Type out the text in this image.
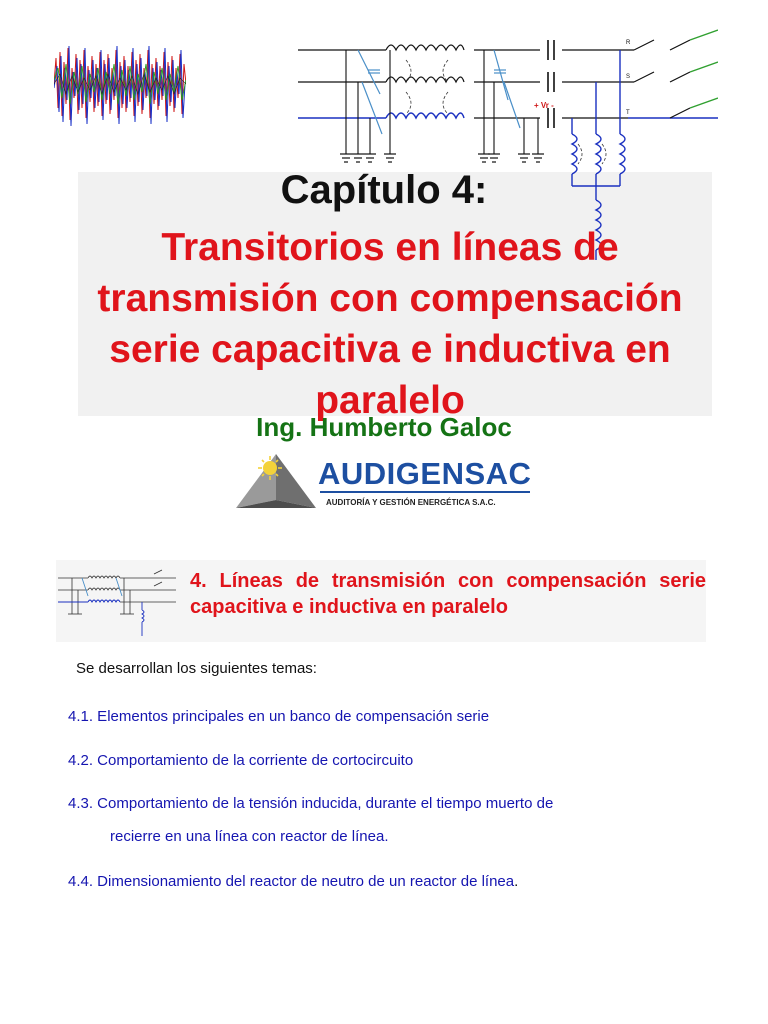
+ Vr -
R
S
T
Capítulo 4:
Transitorios en líneas de transmisión con compensación serie capacitiva e inductiva en paralelo

Ing. Humberto Galoc

AUDIGENSAC

AUDITORÍA Y GESTIÓN ENERGÉTICA S.A.C.

4. Líneas de transmisión con compensación serie capacitiva e inductiva en paralelo

Se desarrollan los siguientes temas:

4.1. Elementos principales en un banco de compensación serie

4.2. Comportamiento de la corriente de cortocircuito

4.3. Comportamiento de la tensión inducida, durante el tiempo muerto de

recierre en una línea con reactor de línea.

4.4. Dimensionamiento del reactor de neutro de un reactor de línea.
